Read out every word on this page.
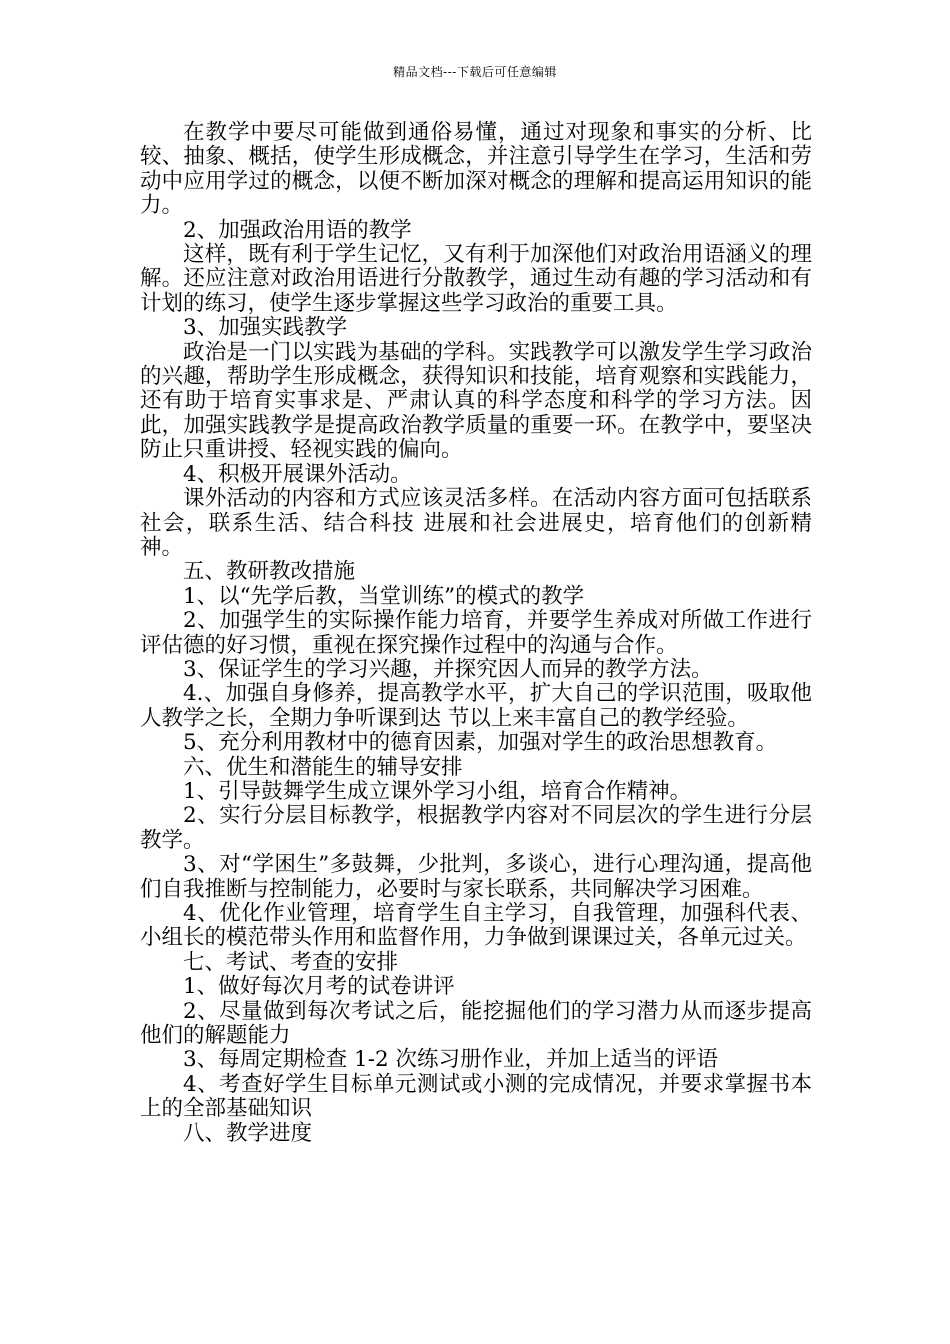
精品文档---下载后可任意编辑

在教学中要尽可能做到通俗易懂，通过对现象和事实的分析、比较、抽象、概括，使学生形成概念，并注意引导学生在学习，生活和劳动中应用学过的概念，以便不断加深对概念的理解和提高运用知识的能力。

2、加强政治用语的教学

这样，既有利于学生记忆，又有利于加深他们对政治用语涵义的理解。还应注意对政治用语进行分散教学，通过生动有趣的学习活动和有计划的练习，使学生逐步掌握这些学习政治的重要工具。

3、加强实践教学

政治是一门以实践为基础的学科。实践教学可以激发学生学习政治的兴趣，帮助学生形成概念，获得知识和技能，培育观察和实践能力，还有助于培育实事求是、严肃认真的科学态度和科学的学习方法。因此，加强实践教学是提高政治教学质量的重要一环。在教学中，要坚决防止只重讲授、轻视实践的偏向。

4、积极开展课外活动。

课外活动的内容和方式应该灵活多样。在活动内容方面可包括联系社会，联系生活、结合科技 进展和社会进展史，培育他们的创新精神。

五、教研教改措施

1、以“先学后教，当堂训练”的模式的教学

2、加强学生的实际操作能力培育，并要学生养成对所做工作进行评估德的好习惯，重视在探究操作过程中的沟通与合作。

3、保证学生的学习兴趣，并探究因人而异的教学方法。

4.、加强自身修养，提高教学水平，扩大自己的学识范围，吸取他人教学之长，全期力争听课到达 节以上来丰富自己的教学经验。

5、充分利用教材中的德育因素，加强对学生的政治思想教育。

六、优生和潜能生的辅导安排

1、引导鼓舞学生成立课外学习小组，培育合作精神。

2、实行分层目标教学，根据教学内容对不同层次的学生进行分层教学。

3、对“学困生”多鼓舞，少批判，多谈心，进行心理沟通，提高他们自我推断与控制能力，必要时与家长联系，共同解决学习困难。

4、优化作业管理，培育学生自主学习，自我管理，加强科代表、小组长的模范带头作用和监督作用，力争做到课课过关，各单元过关。

七、考试、考查的安排

1、做好每次月考的试卷讲评

2、尽量做到每次考试之后，能挖掘他们的学习潜力从而逐步提高他们的解题能力

3、每周定期检查 1-2 次练习册作业，并加上适当的评语

4、考查好学生目标单元测试或小测的完成情况，并要求掌握书本上的全部基础知识

八、教学进度
